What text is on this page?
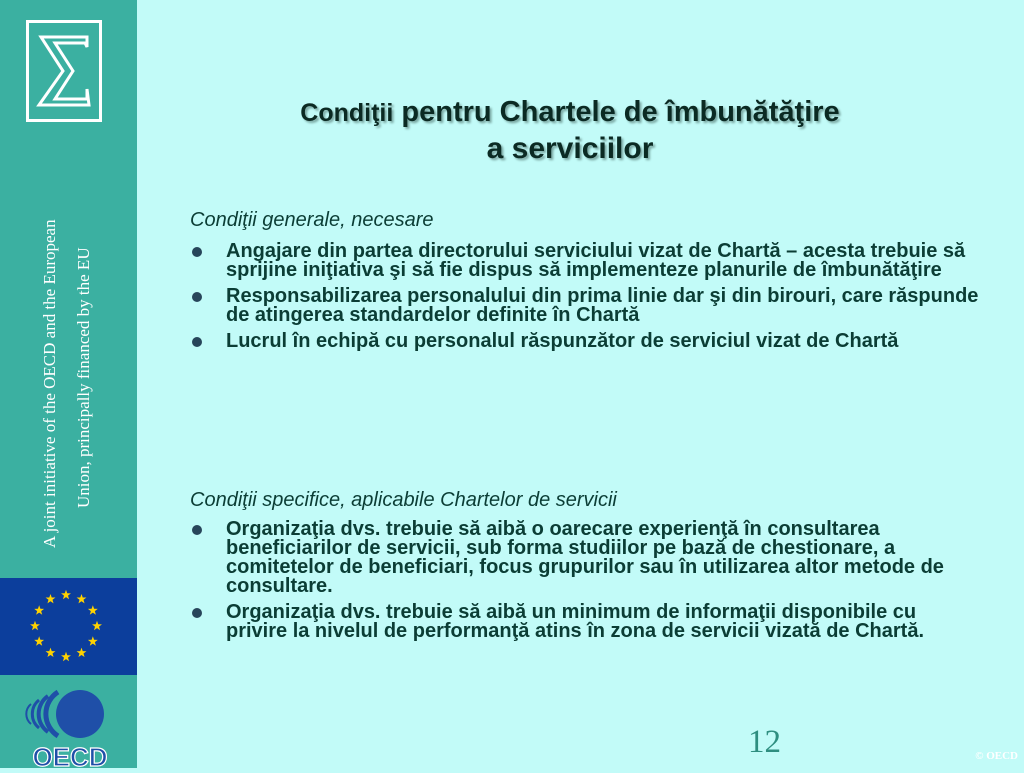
A joint initiative of the OECD and the European Union, principally financed by the EU
OECD
Condiţii pentru Chartele de îmbunătăţire
a serviciilor
Condiţii generale, necesare
Angajare din partea directorului serviciului vizat de Chartă – acesta trebuie să sprijine iniţiativa şi să fie dispus să implementeze planurile de îmbunătăţire
Responsabilizarea personalului din prima linie dar şi din birouri, care răspunde de atingerea standardelor definite în Chartă
Lucrul în echipă cu personalul răspunzător de serviciul vizat de Chartă
Condiţii specifice, aplicabile Chartelor de servicii
Organizaţia dvs. trebuie să aibă o oarecare experienţă în consultarea beneficiarilor de servicii, sub forma studiilor pe bază de chestionare, a comitetelor de beneficiari, focus grupurilor sau în utilizarea altor metode de consultare.
Organizaţia dvs. trebuie să aibă un minimum de informaţii disponibile cu privire la nivelul de performanţă atins în zona de servicii vizată de Chartă.
12	© OECD
